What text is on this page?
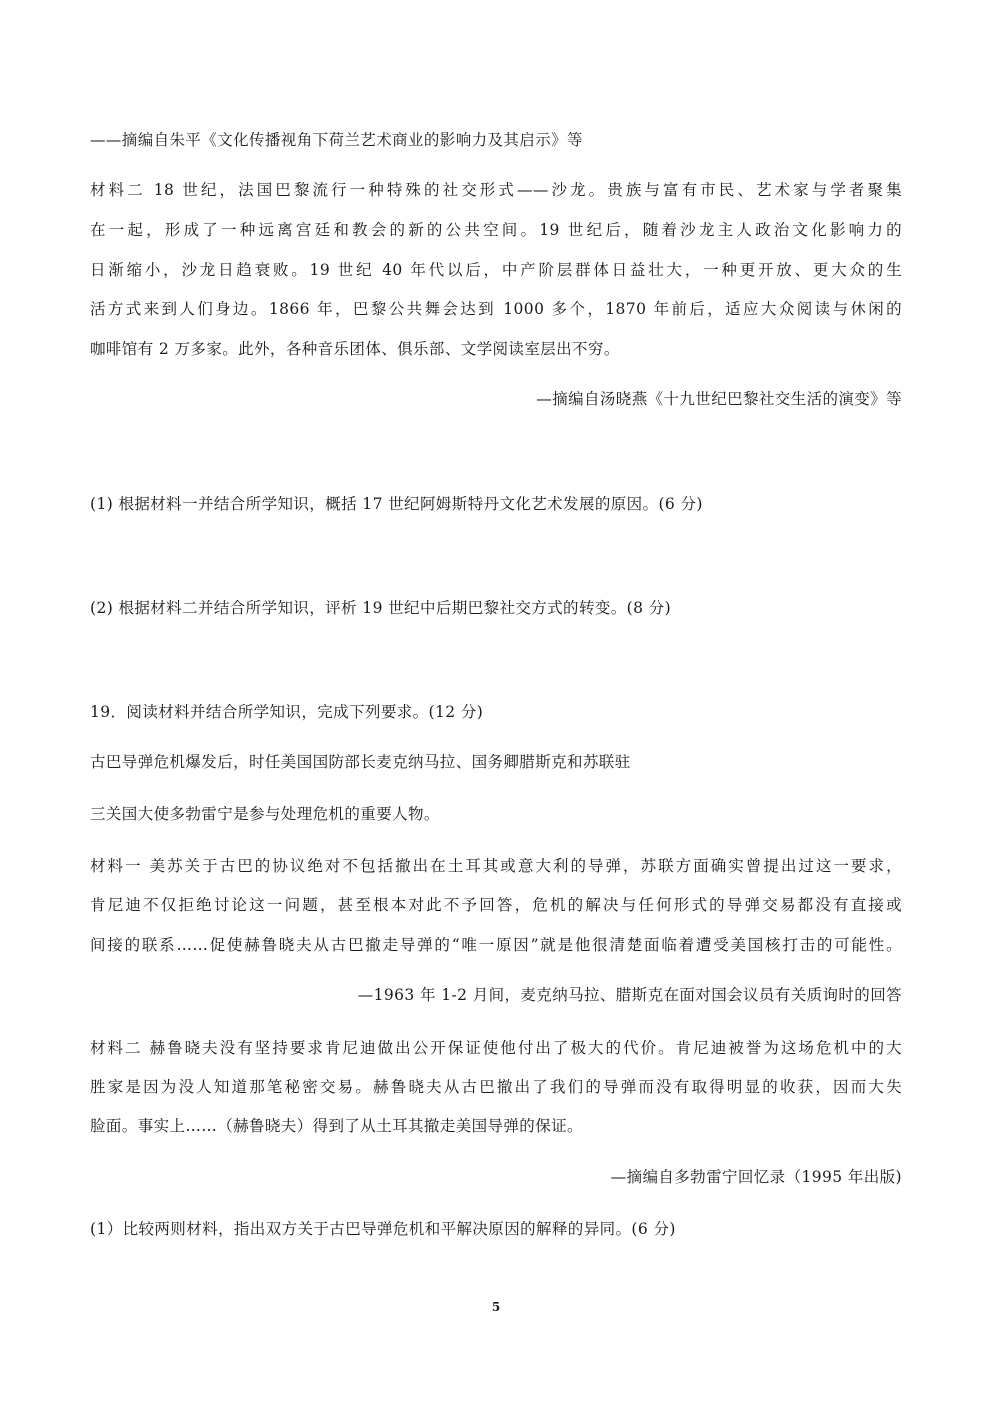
——摘编自朱平《文化传播视角下荷兰艺术商业的影响力及其启示》等
材料二 18 世纪，法国巴黎流行一种特殊的社交形式——沙龙。贵族与富有市民、艺术家与学者聚集
在一起，形成了一种远离宫廷和教会的新的公共空间。19 世纪后，随着沙龙主人政治文化影响力的
日渐缩小，沙龙日趋衰败。19 世纪 40 年代以后，中产阶层群体日益壮大，一种更开放、更大众的生
活方式来到人们身边。1866 年，巴黎公共舞会达到 1000 多个，1870 年前后，适应大众阅读与休闲的
咖啡馆有 2 万多家。此外，各种音乐团体、俱乐部、文学阅读室层出不穷。
—摘编自汤晓燕《十九世纪巴黎社交生活的演变》等
(1) 根据材料一并结合所学知识，概括 17 世纪阿姆斯特丹文化艺术发展的原因。(6 分)
(2) 根据材料二并结合所学知识，评析 19 世纪中后期巴黎社交方式的转变。(8 分)
19．阅读材料并结合所学知识，完成下列要求。(12 分)
古巴导弹危机爆发后，时任美国国防部长麦克纳马拉、国务卿腊斯克和苏联驻
三关国大使多勃雷宁是参与处理危机的重要人物。
材料一 美苏关于古巴的协议绝对不包括撤出在土耳其或意大利的导弹，苏联方面确实曾提出过这一要求，
肯尼迪不仅拒绝讨论这一问题，甚至根本对此不予回答，危机的解决与任何形式的导弹交易都没有直接或
间接的联系……促使赫鲁晓夫从古巴撤走导弹的“唯一原因”就是他很清楚面临着遭受美国核打击的可能性。
—1963 年 1-2 月间，麦克纳马拉、腊斯克在面对国会议员有关质询时的回答
材料二 赫鲁晓夫没有坚持要求肯尼迪做出公开保证使他付出了极大的代价。肯尼迪被誉为这场危机中的大
胜家是因为没人知道那笔秘密交易。赫鲁晓夫从古巴撤出了我们的导弹而没有取得明显的收获，因而大失
脸面。事实上……（赫鲁晓夫）得到了从土耳其撤走美国导弹的保证。
—摘编自多勃雷宁回忆录（1995 年出版)
(1）比较两则材料，指出双方关于古巴导弹危机和平解决原因的解释的异同。(6 分)
5
